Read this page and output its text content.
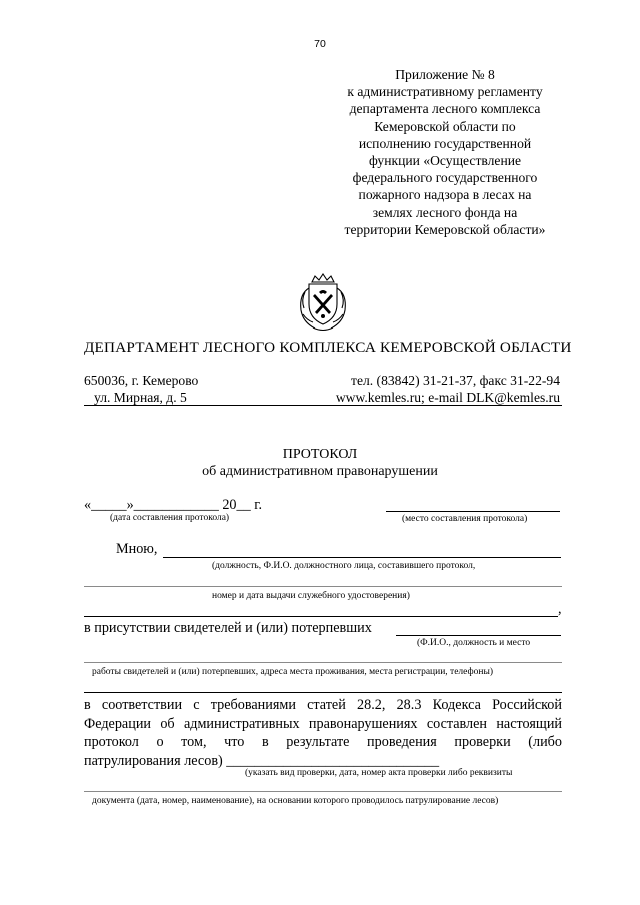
70
Приложение № 8
к административному регламенту
департамента лесного комплекса
Кемеровской области по
исполнению государственной
функции «Осуществление
федерального государственного
пожарного надзора в лесах на
землях лесного фонда на
территории Кемеровской области»
ДЕПАРТАМЕНТ ЛЕСНОГО КОМПЛЕКСА КЕМЕРОВСКОЙ ОБЛАСТИ
650036, г. Кемерово
ул. Мирная, д. 5
тел. (83842) 31-21-37, факс 31-22-94
www.kemles.ru; e-mail DLK@kemles.ru
ПРОТОКОЛ
об административном правонарушении
«_____»____________ 20__ г.
(дата составления протокола)	(место составления протокола)
Мною,
(должность, Ф.И.О. должностного лица, составившего протокол,
номер и дата выдачи служебного удостоверения)
,
в присутствии свидетелей и (или) потерпевших
(Ф.И.О., должность и место
работы свидетелей и (или) потерпевших, адреса места проживания, места регистрации, телефоны)
в соответствии с требованиями статей 28.2, 28.3 Кодекса Российской
Федерации об административных правонарушениях составлен настоящий
протокол о том, что в результате проведения проверки (либо
патрулирования лесов) ______________________________
(указать вид проверки, дата, номер акта проверки либо реквизиты
документа (дата, номер, наименование), на основании которого проводилось патрулирование лесов)
